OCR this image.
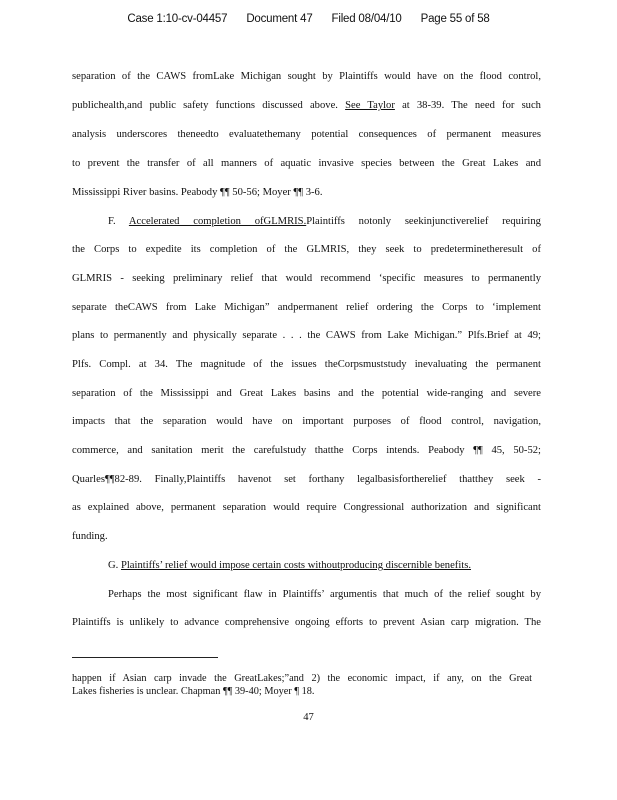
Case 1:10-cv-04457 Document 47 Filed 08/04/10 Page 55 of 58
separation of the CAWS fromLake Michigan sought by Plaintiffs would have on the flood control,
publichealth,and public safety functions discussed above. See Taylor at 38-39. The need for such
analysis underscores theneedto evaluatethemany potential consequences of permanent measures
to prevent the transfer of all manners of aquatic invasive species between the Great Lakes and
Mississippi River basins. Peabody ¶¶ 50-56; Moyer ¶¶ 3-6.
F. Accelerated completion ofGLMRIS.Plaintiffs notonly seekinjunctiverelief requiring
the Corps to expedite its completion of the GLMRIS, they seek to predeterminetheresult of
GLMRIS - seeking preliminary relief that would recommend ‘specific measures to permanently
separate theCAWS from Lake Michigan” andpermanent relief ordering the Corps to ‘implement
plans to permanently and physically separate . . . the CAWS from Lake Michigan.” Plfs.Brief at 49;
Plfs. Compl. at 34. The magnitude of the issues theCorpsmuststudy inevaluating the permanent
separation of the Mississippi and Great Lakes basins and the potential wide-ranging and severe
impacts that the separation would have on important purposes of flood control, navigation,
commerce, and sanitation merit the carefulstudy thatthe Corps intends. Peabody ¶¶ 45, 50-52;
Quarles¶¶82-89. Finally,Plaintiffs havenot set forthany legalbasisfortherelief thatthey seek -
as explained above, permanent separation would require Congressional authorization and significant
funding.
G. Plaintiffs’ relief would impose certain costs withoutproducing discernible benefits.
Perhaps the most significant flaw in Plaintiffs’ argumentis that much of the relief sought by
Plaintiffs is unlikely to advance comprehensive ongoing efforts to prevent Asian carp migration. The
happen if Asian carp invade the GreatLakes;”and 2) the economic impact, if any, on the Great
Lakes fisheries is unclear. Chapman ¶¶ 39-40; Moyer ¶ 18.
47
